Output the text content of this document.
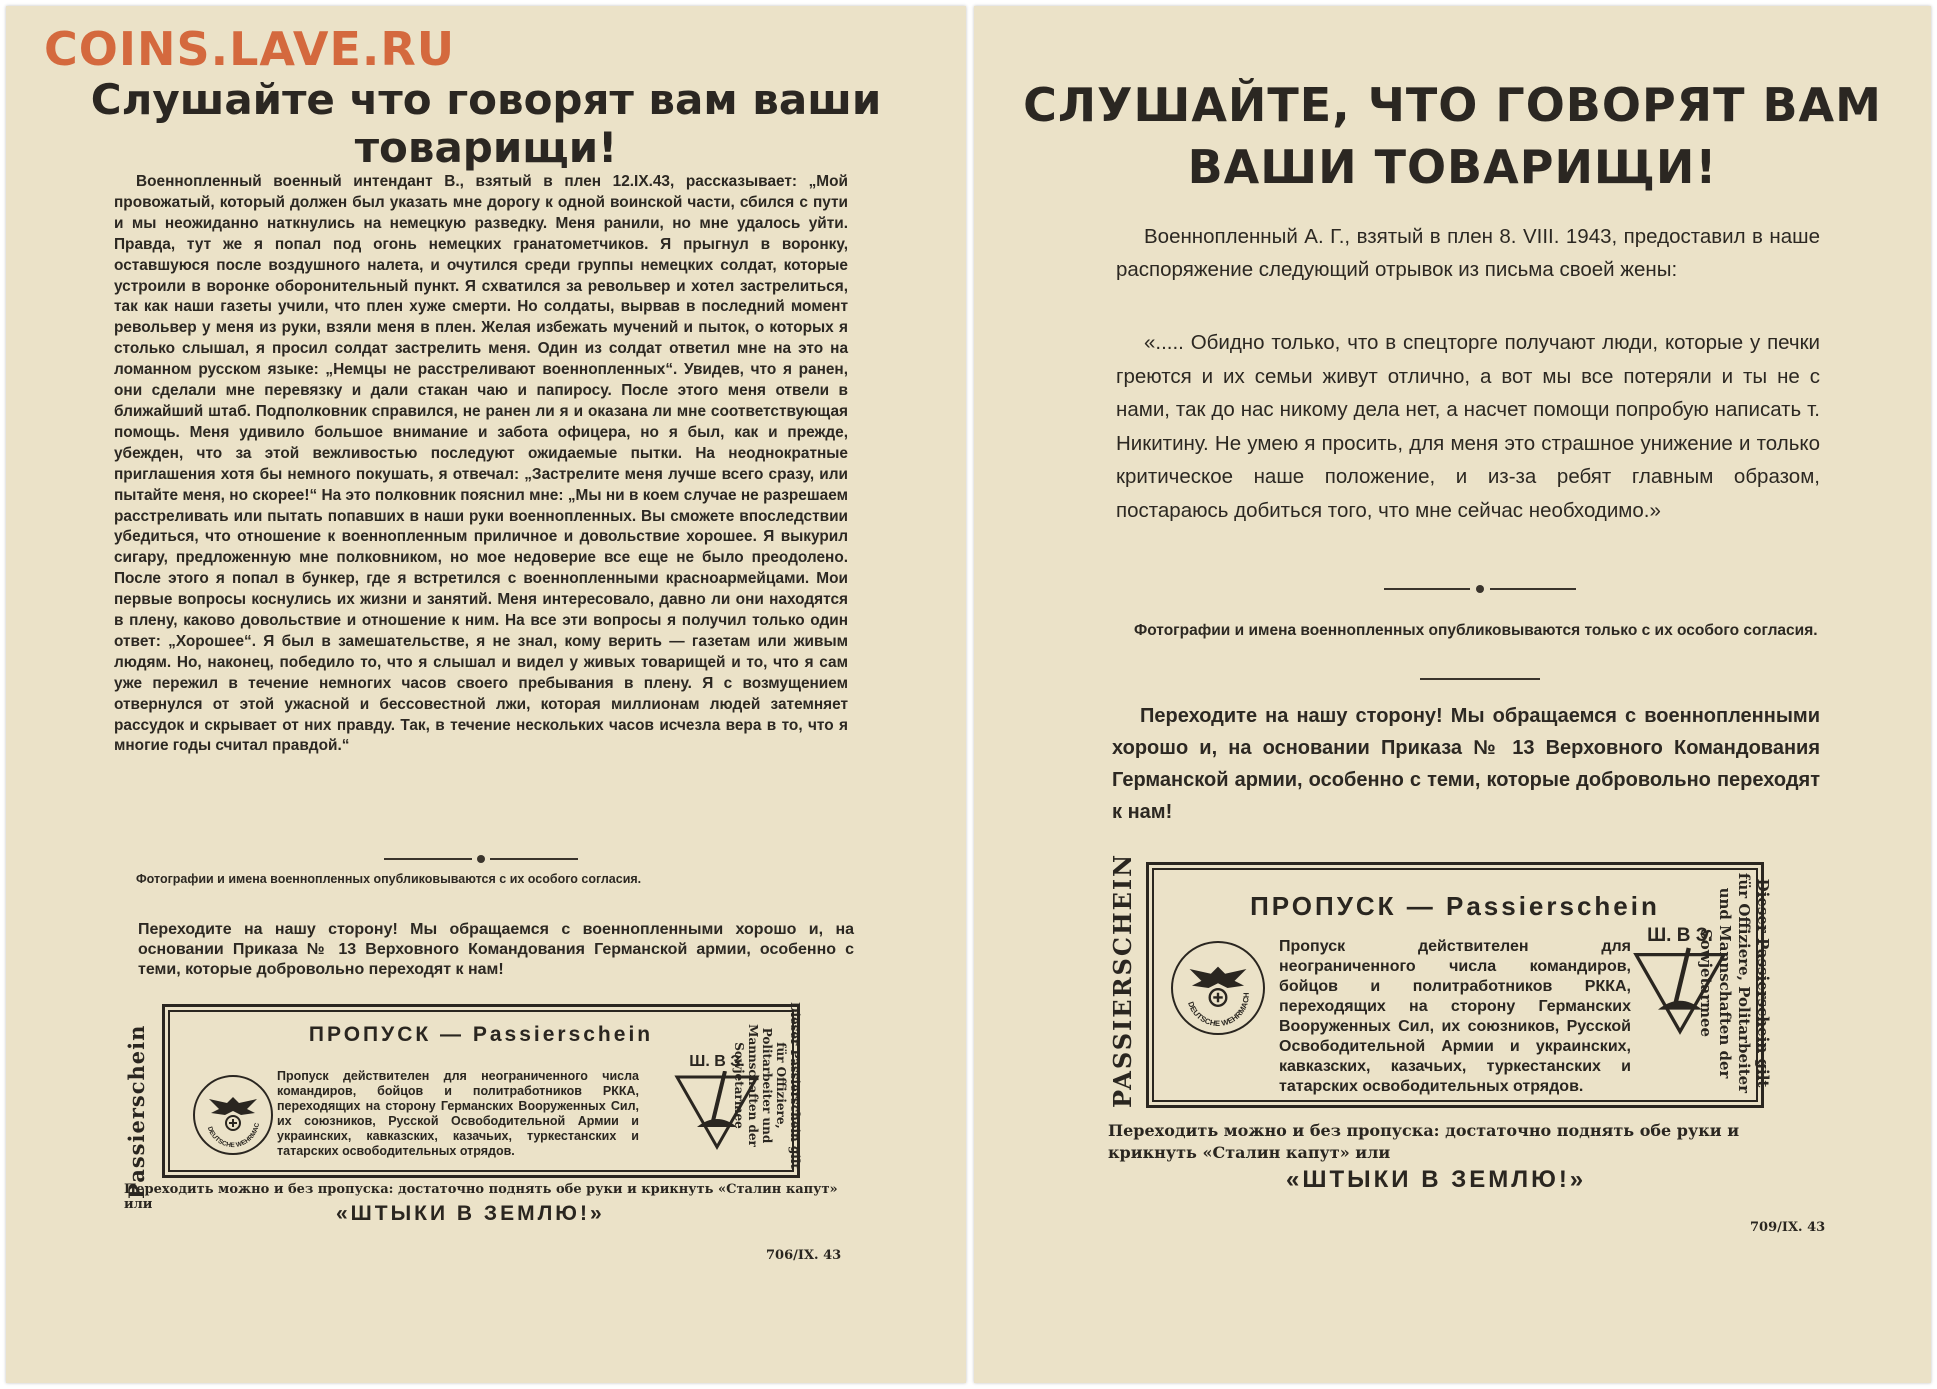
COINS.LAVE.RU
Слушайте что говорят вам ваши товарищи!

Военнопленный военный интендант В., взятый в плен 12.IX.43, рассказывает: „Мой провожатый, который должен был указать мне дорогу к одной воинской части, сбился с пути и мы неожиданно наткнулись на немецкую разведку. Меня ранили, но мне удалось уйти. Правда, тут же я попал под огонь немецких гранатометчиков. Я прыгнул в воронку, оставшуюся после воздушного налета, и очутился среди группы немецких солдат, которые устроили в воронке оборонительный пункт. Я схватился за револьвер и хотел застрелиться, так как наши газеты учили, что плен хуже смерти. Но солдаты, вырвав в последний момент револьвер у меня из руки, взяли меня в плен. Желая избежать мучений и пыток, о которых я столько слышал, я просил солдат застрелить меня. Один из солдат ответил мне на это на ломанном русском языке: „Немцы не расстреливают военнопленных“. Увидев, что я ранен, они сделали мне перевязку и дали стакан чаю и папиросу. После этого меня отвели в ближайший штаб. Подполковник справился, не ранен ли я и оказана ли мне соответствующая помощь. Меня удивило большое внимание и забота офицера, но я был, как и прежде, убежден, что за этой вежливостью последуют ожидаемые пытки. На неоднократные приглашения хотя бы немного покушать, я отвечал: „Застрелите меня лучше всего сразу, или пытайте меня, но скорее!“ На это полковник пояснил мне: „Мы ни в коем случае не разрешаем расстреливать или пытать попавших в наши руки военнопленных. Вы сможете впоследствии убедиться, что отношение к военнопленным приличное и довольствие хорошее. Я выкурил сигару, предложенную мне полковником, но мое недоверие все еще не было преодолено. После этого я попал в бункер, где я встретился с военнопленными красноармейцами. Мои первые вопросы коснулись их жизни и занятий. Меня интересовало, давно ли они находятся в плену, каково довольствие и отношение к ним. На все эти вопросы я получил только один ответ: „Хорошее“. Я был в замешательстве, я не знал, кому верить — газетам или живым людям. Но, наконец, победило то, что я слышал и видел у живых товарищей и то, что я сам уже пережил в течение немногих часов своего пребывания в плену. Я с возмущением отвернулся от этой ужасной и бессовестной лжи, которая миллионам людей затемняет рассудок и скрывает от них правду. Так, в течение нескольких часов исчезла вера в то, что я многие годы считал правдой.“

Фотографии и имена военнопленных опубликовываются с их особого согласия.

Переходите на нашу сторону! Мы обращаемся с военнопленными хорошо и, на основании Приказа № 13 Верховного Командования Германской армии, особенно с теми, которые добровольно переходят к нам!

Passierschein	ПРОПУСК — Passierschein
DEUTSCHE WEHRMAC
Пропуск действителен для неограниченного числа командиров, бойцов и политработников РККА, переходящих на сторону Германских Вооруженных Сил, их союзников, Русской Освободительной Армии и украинских, кавказских, казачьих, туркестанских и татарских освободительных отрядов.
Ш. В З.	Dieser Passierschein gilt für Offiziere, Politarbeiter und Mannschaften der Sowjetarmee

Переходить можно и без пропуска: достаточно поднять обе руки и крикнуть «Сталин капут» или	«ШТЫКИ В ЗЕМЛЮ!»

706/IX. 43

СЛУШАЙТЕ, ЧТО ГОВОРЯТ ВАМ ВАШИ ТОВАРИЩИ!

Военнопленный А. Г., взятый в плен 8. VIII. 1943, предоставил в наше распоряжение следующий отрывок из письма своей жены:

«..... Обидно только, что в спецторге получают люди, которые у печки греются и их семьи живут отлично, а вот мы все потеряли и ты не с нами, так до нас никому дела нет, а насчет помощи попробую написать т. Никитину. Не умею я просить, для меня это страшное унижение и только критическое наше положение, и из-за ребят главным образом, постараюсь добиться того, что мне сейчас необходимо.»

Фотографии и имена военнопленных опубликовываются только с их особого согласия.

Переходите на нашу сторону! Мы обращаемся с военнопленными хорошо и, на основании Приказа № 13 Верховного Командования Германской армии, особенно с теми, которые добровольно переходят к нам!

PASSIERSCHEIN	ПРОПУСК — Passierschein
DEUTSCHE WEHRMACH
Пропуск действителен для неограниченного числа командиров, бойцов и политработников РККА, переходящих на сторону Германских Вооруженных Сил, их союзников, Русской Освободительной Армии и украинских, кавказских, казачьих, туркестанских и татарских освободительных отрядов.
Ш. В З.	Dieser Passierschein gilt für Offiziere, Politarbeiter und Mannschaften der Sowjetarmee

Переходить можно и без пропуска: достаточно поднять обе руки и крикнуть «Сталин капут» или

«ШТЫКИ В ЗЕМЛЮ!»

709/IX. 43
